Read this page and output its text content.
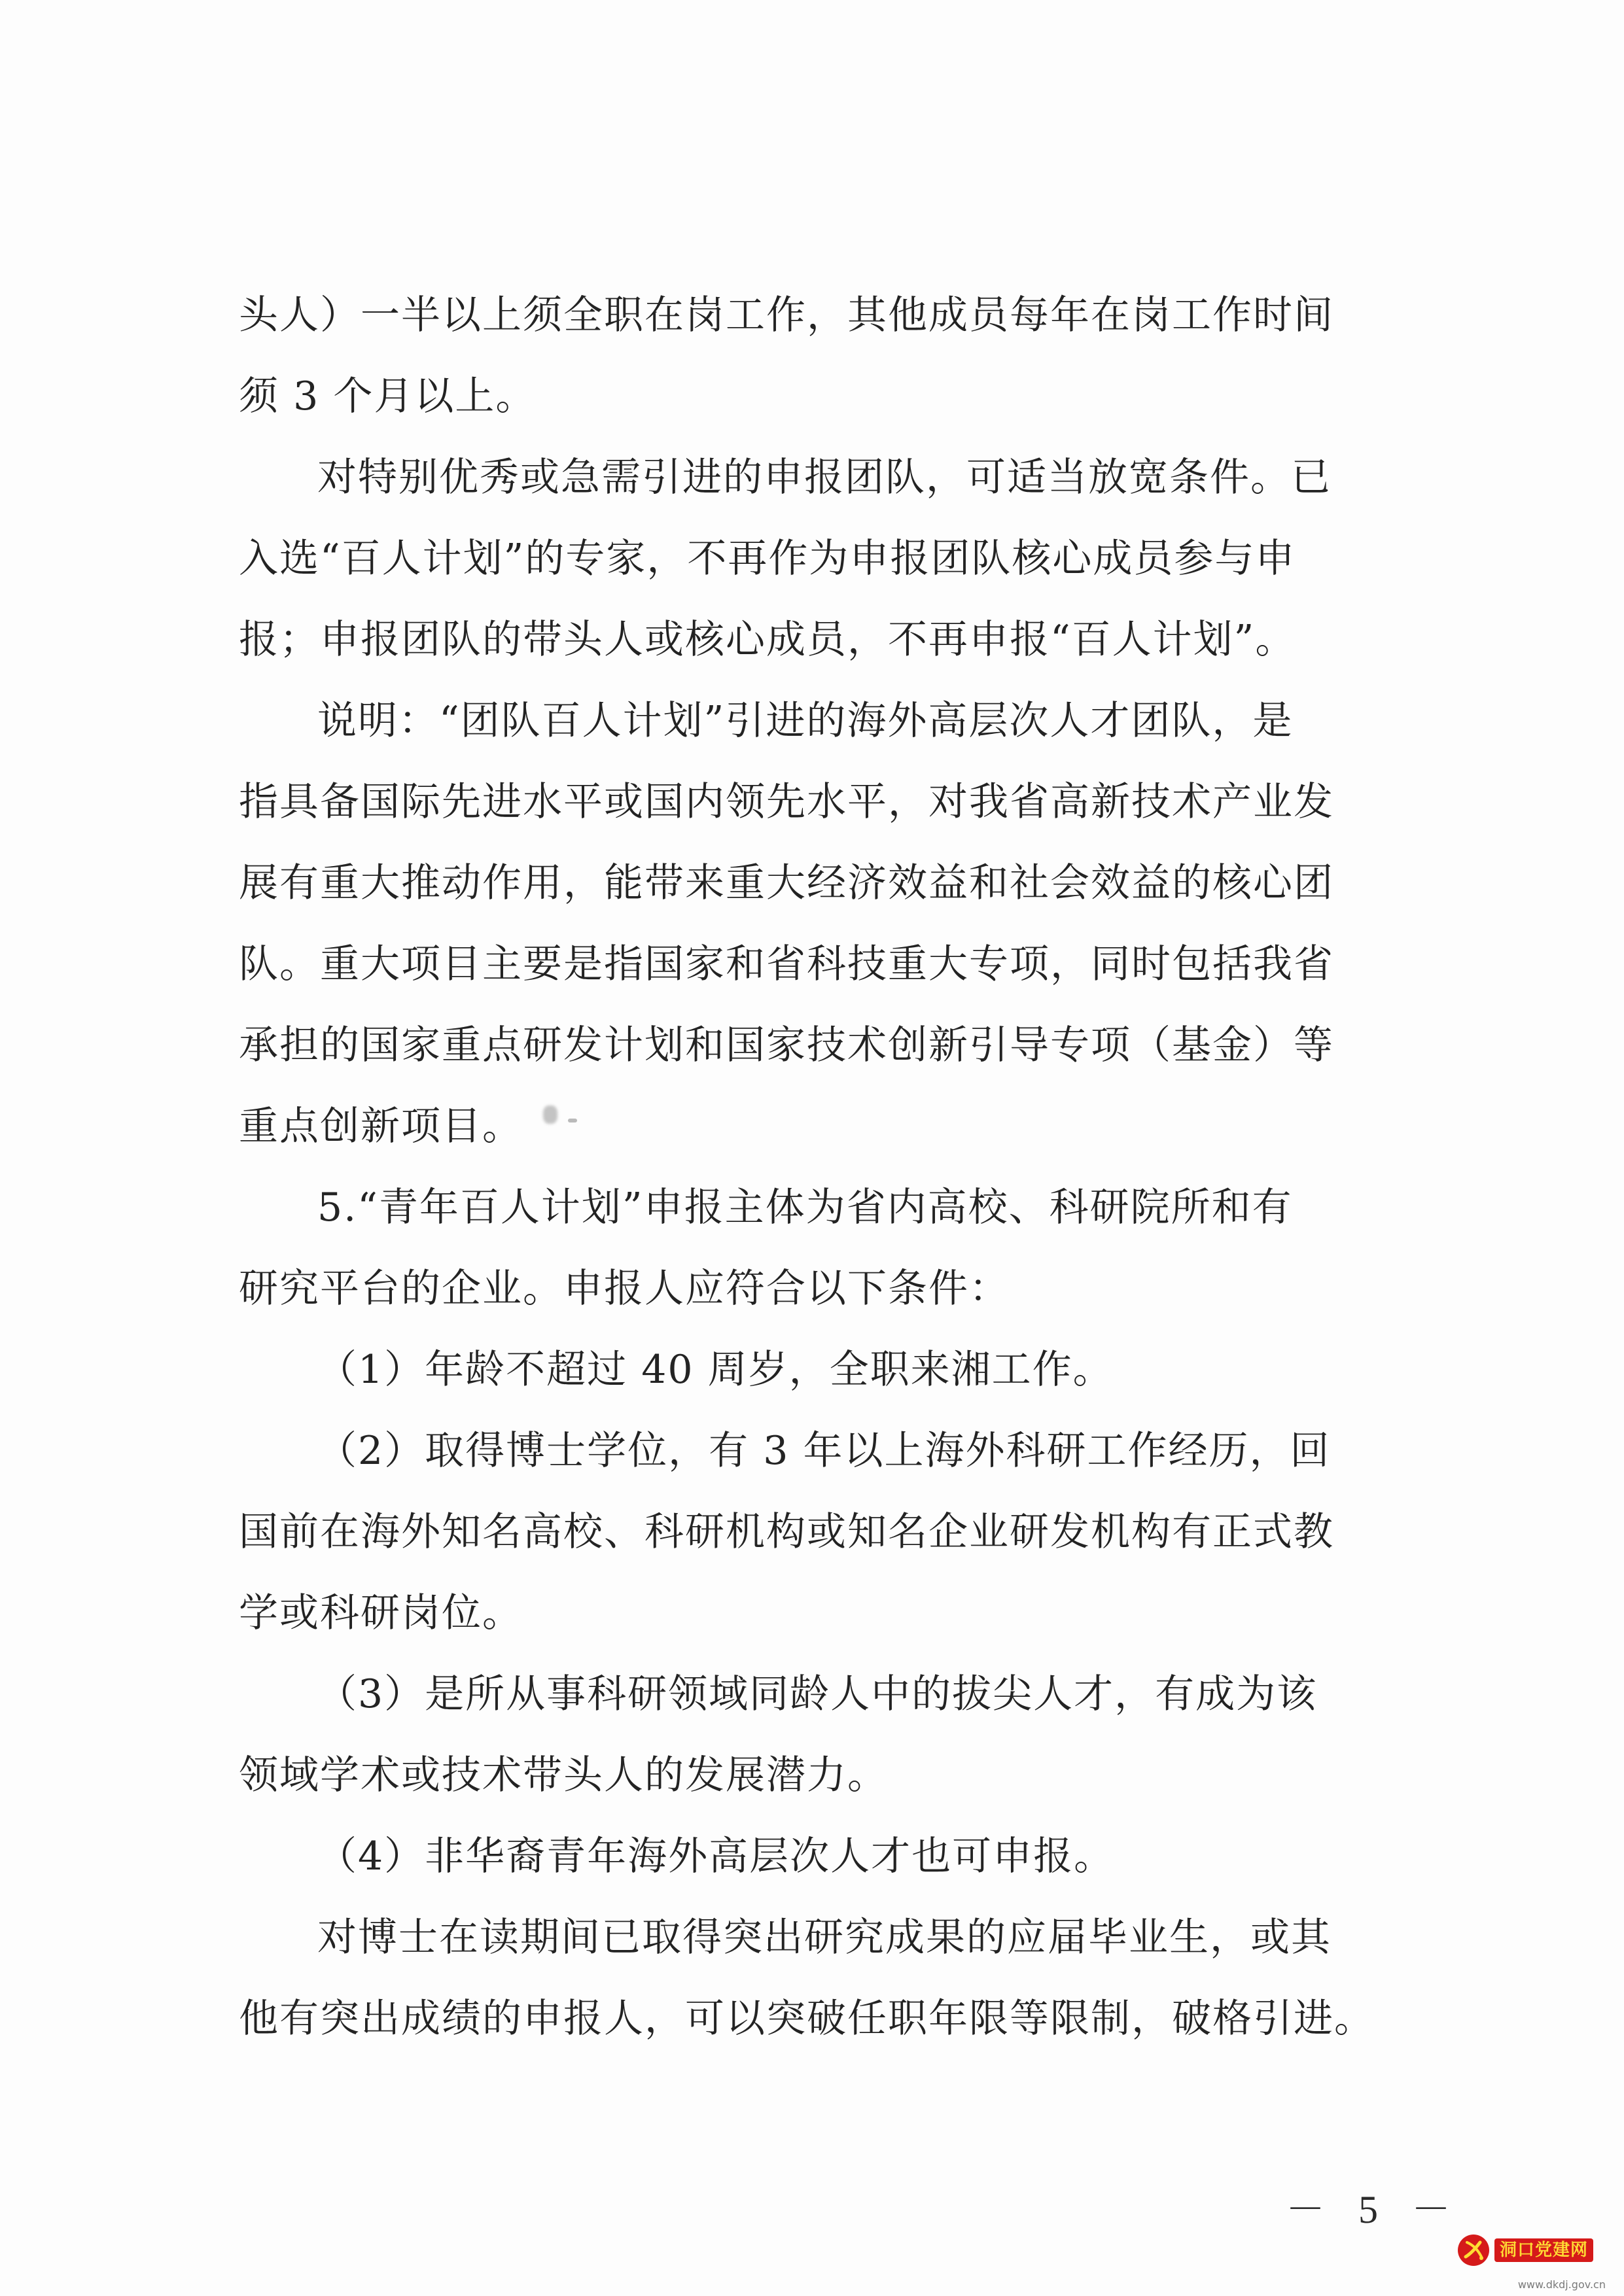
头人）一半以上须全职在岗工作，其他成员每年在岗工作时间
须 3 个月以上。
对特别优秀或急需引进的申报团队，可适当放宽条件。已
入选“百人计划”的专家，不再作为申报团队核心成员参与申
报；申报团队的带头人或核心成员，不再申报“百人计划”。
说明：“团队百人计划”引进的海外高层次人才团队，是
指具备国际先进水平或国内领先水平，对我省高新技术产业发
展有重大推动作用，能带来重大经济效益和社会效益的核心团
队。重大项目主要是指国家和省科技重大专项，同时包括我省
承担的国家重点研发计划和国家技术创新引导专项（基金）等
重点创新项目。
5.“青年百人计划”申报主体为省内高校、科研院所和有
研究平台的企业。申报人应符合以下条件：
（1）年龄不超过 40 周岁，全职来湘工作。
（2）取得博士学位，有 3 年以上海外科研工作经历，回
国前在海外知名高校、科研机构或知名企业研发机构有正式教
学或科研岗位。
（3）是所从事科研领域同龄人中的拔尖人才，有成为该
领域学术或技术带头人的发展潜力。
（4）非华裔青年海外高层次人才也可申报。
对博士在读期间已取得突出研究成果的应届毕业生，或其
他有突出成绩的申报人，可以突破任职年限等限制，破格引进。
－ 5 －
洞口党建网
www.dkdj.gov.cn
